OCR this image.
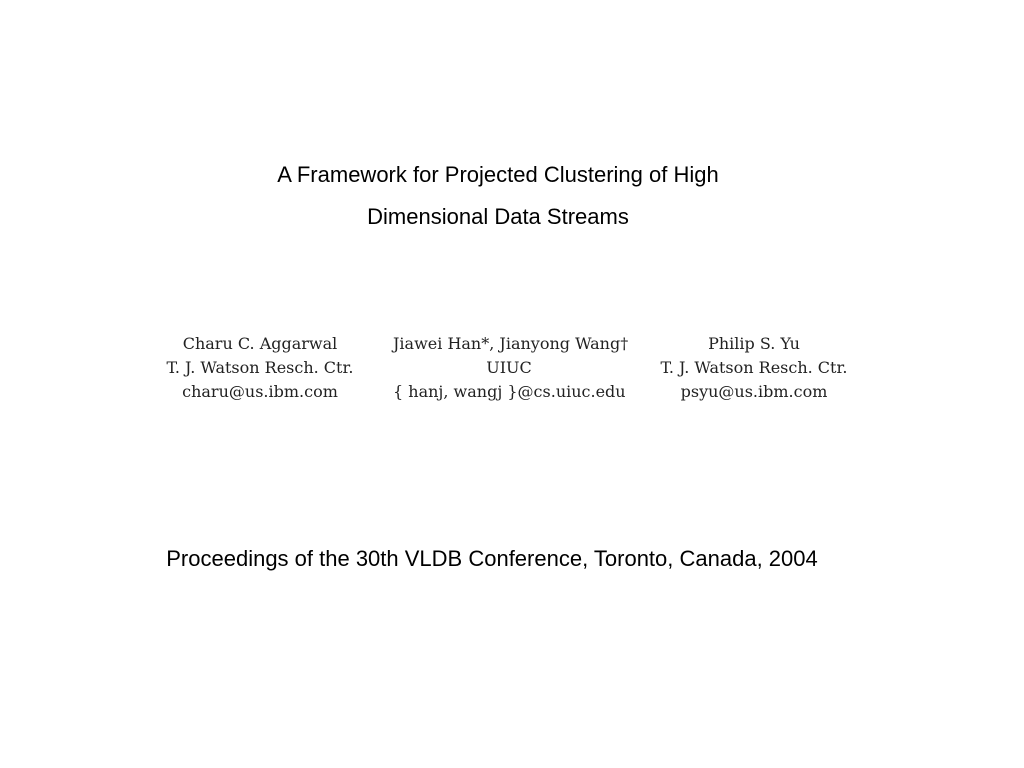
A Framework for Projected Clustering of High
Dimensional Data Streams
Charu C. Aggarwal
T. J. Watson Resch. Ctr.
charu@us.ibm.com
Jiawei Han*, Jianyong Wang†
UIUC
{ hanj, wangj }@cs.uiuc.edu
Philip S. Yu
T. J. Watson Resch. Ctr.
psyu@us.ibm.com
Proceedings of the 30th VLDB Conference, Toronto, Canada, 2004
